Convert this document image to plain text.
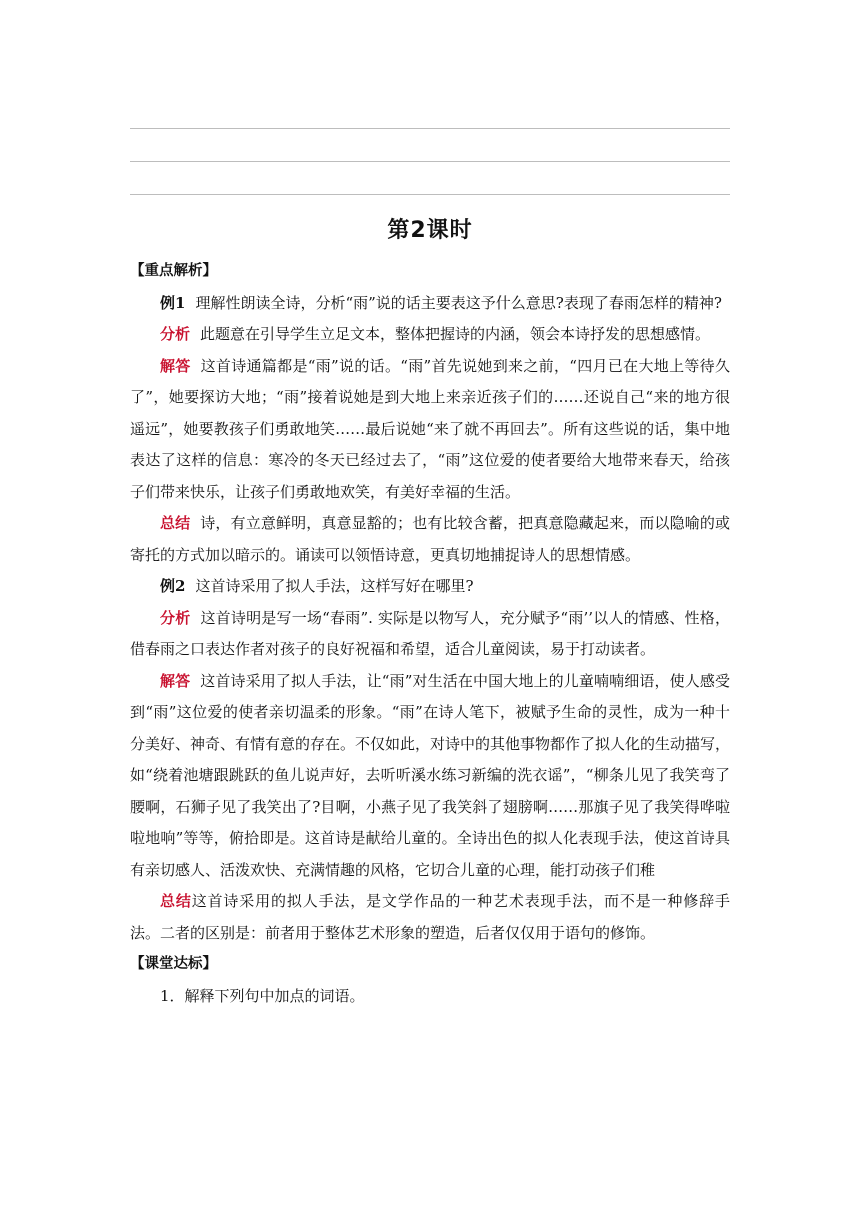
第2课时

【重点解析】

例1 理解性朗读全诗，分析“雨”说的话主要表这予什么意思?表现了春雨怎样的精神?

分析 此题意在引导学生立足文本，整体把握诗的内涵，领会本诗抒发的思想感情。

解答 这首诗通篇都是“雨”说的话。“雨”首先说她到来之前，“四月已在大地上等待久了”，她要探访大地；“雨”接着说她是到大地上来亲近孩子们的……还说自己“来的地方很遥远”，她要教孩子们勇敢地笑……最后说她“来了就不再回去”。所有这些说的话，集中地表达了这样的信息：寒冷的冬天已经过去了，“雨”这位爱的使者要给大地带来春天，给孩子们带来快乐，让孩子们勇敢地欢笑，有美好幸福的生活。

总结 诗，有立意鲜明，真意显豁的；也有比较含蓄，把真意隐藏起来，而以隐喻的或寄托的方式加以暗示的。诵读可以领悟诗意，更真切地捕捉诗人的思想情感。

例2 这首诗采用了拟人手法，这样写好在哪里?

分析 这首诗明是写一场“春雨”. 实际是以物写人，充分赋予“雨’’以人的情感、性格，借春雨之口表达作者对孩子的良好祝福和希望，适合儿童阅读，易于打动读者。

解答 这首诗采用了拟人手法，让“雨”对生活在中国大地上的儿童喃喃细语，使人感受到“雨”这位爱的使者亲切温柔的形象。“雨”在诗人笔下，被赋予生命的灵性，成为一种十分美好、神奇、有情有意的存在。不仅如此，对诗中的其他事物都作了拟人化的生动描写，如“绕着池塘跟跳跃的鱼儿说声好，去听听溪水练习新编的洗衣谣”，“柳条儿见了我笑弯了腰啊，石狮子见了我笑出了?目啊，小燕子见了我笑斜了翅膀啊……那旗子见了我笑得哗啦啦地响”等等，俯拾即是。这首诗是献给儿童的。全诗出色的拟人化表现手法，使这首诗具有亲切感人、活泼欢快、充满情趣的风格，它切合儿童的心理，能打动孩子们稚

总结这首诗采用的拟人手法，是文学作品的一种艺术表现手法，而不是一种修辞手法。二者的区别是：前者用于整体艺术形象的塑造，后者仅仅用于语句的修饰。

【课堂达标】

1．解释下列句中加点的词语。
